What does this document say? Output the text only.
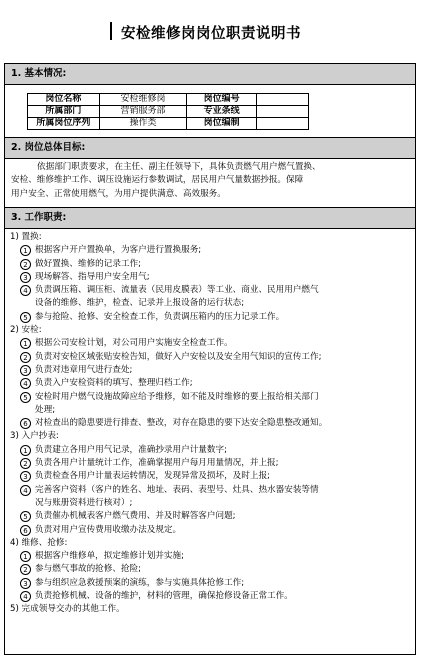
安检维修岗岗位职责说明书
1. 基本情况:
岗位名称	安检维修岗	岗位编号	
所属部门	营销服务部	专业条线	
所属岗位序列	操作类	岗位编制	
2. 岗位总体目标:
依据部门职责要求，在主任、副主任领导下，具体负责燃气用户燃气置换、
安检、维修维护工作、调压设施运行参数调试，居民用户气量数据抄报。保障
用户安全、正常使用燃气，为用户提供满意、高效服务。
3. 工作职责:
1) 置换:
1 根据客户开户置换单，为客户进行置换服务;
2 做好置换、维修的记录工作;
3 现场解答、指导用户安全用气;
4 负责调压箱、调压柜、流量表（民用皮膜表）等工业、商业、民用用户燃气
设备的维修、维护，检查、记录并上报设备的运行状态;
5 参与抢险、抢修、安全检查工作，负责调压箱内的压力记录工作。
2) 安检:
1 根据公司安检计划，对公司用户实施安全检查工作。
2 负责对安检区域张贴安检告知，做好入户安检以及安全用气知识的宣传工作;
3 负责对违章用气进行查处;
4 负责入户安检资料的填写、整理归档工作;
5 安检时用户燃气设施故障应给予维修，如不能及时维修的要上报给相关部门
处理;
6 对检查出的隐患要进行排查、整改，对存在隐患的要下达安全隐患整改通知。
3) 入户抄表:
1 负责建立各用户用气记录，准确抄录用户计量数字;
2 负责各用户计量统计工作，准确掌握用户每月用量情况，并上报;
3 负责检查各用户计量表运转情况，发现异常及损坏，及时上报;
4 完善客户资料（客户的姓名、地址、表码、表型号、灶具、热水器安装等情
况与账册资料进行核对）;
5 负责催办机械表客户燃气费用、并及时解答客户问题;
6 负责对用户宣传费用收缴办法及规定。
4) 维修、抢修:
1 根据客户维修单，拟定维修计划并实施;
2 参与燃气事故的抢修、抢险;
3 参与组织应急救援预案的演练，参与实施具体抢修工作;
4 负责抢修机械、设备的维护，材料的管理，确保抢修设备正常工作。
5) 完成领导交办的其他工作。
